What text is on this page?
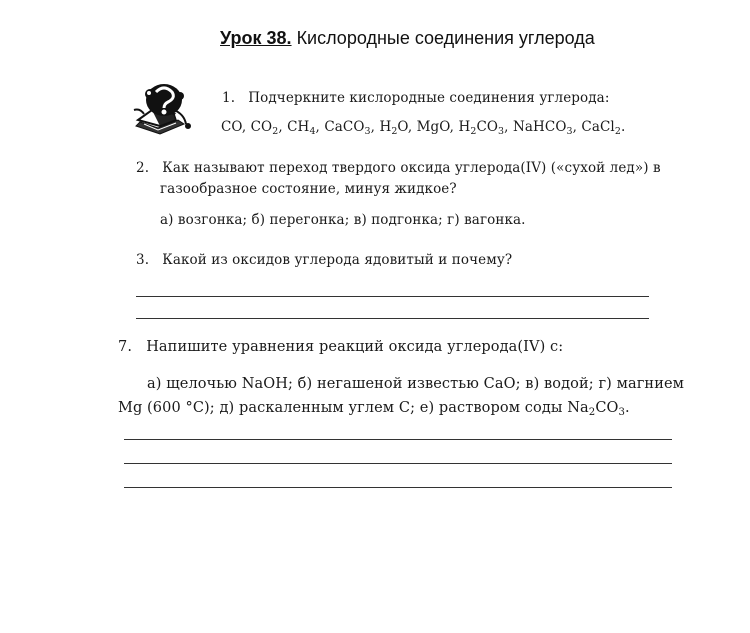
Урок 38. Кислородные соединения углерода
1. Подчеркните кислородные соединения углерода:
CO, $CO_2$, $CH_4$, CaCO$_3$, $H_2O$, MgO, $H_2CO_3$, NaHCO$_3$, CaCl$_2$.
2. Как называют переход твердого оксида углерода(IV) («сухой лед») в
газообразное состояние, минуя жидкое?
а) возгонка; б) перегонка; в) подгонка; г) вагонка.
3. Какой из оксидов углерода ядовитый и почему?
7. Напишите уравнения реакций оксида углерода(IV) с:
а) щелочью NaOH; б) негашеной известью CaO; в) водой; г) магнием
Mg (600 °C); д) раскаленным углем C; е) раствором соды $Na_2CO_3$.
